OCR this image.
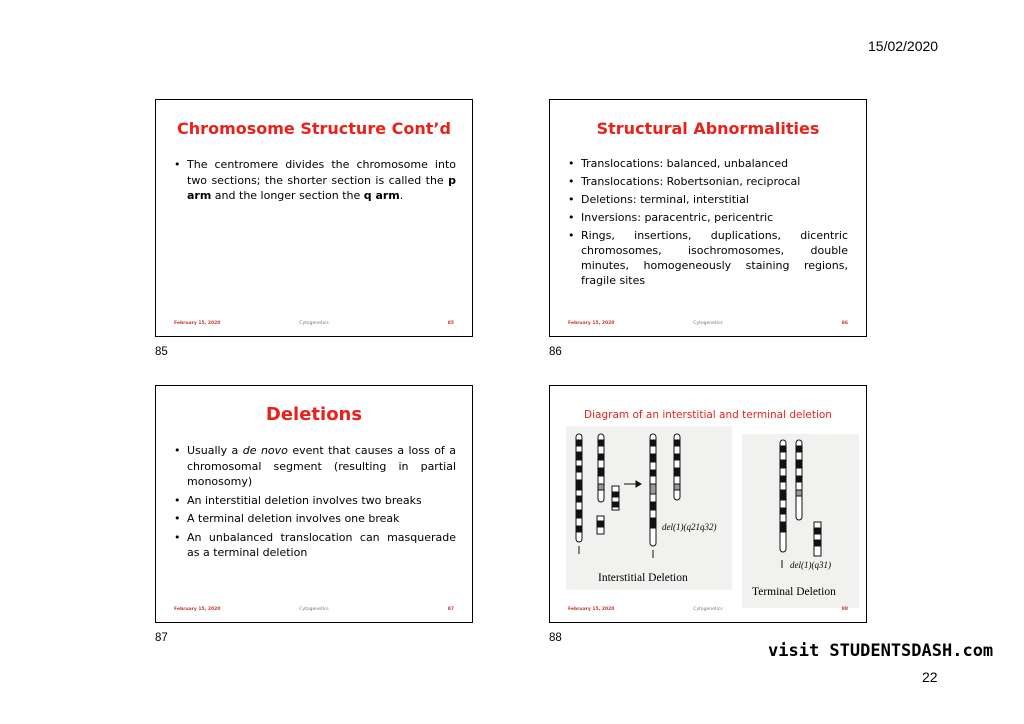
15/02/2020
Chromosome Structure Cont’d
• The centromere divides the chromosome into two sections; the shorter section is called the p arm and the longer section the q arm.
February 15, 2020	Cytogenetics	85
85
Structural Abnormalities
• Translocations: balanced, unbalanced
• Translocations: Robertsonian, reciprocal
• Deletions: terminal, interstitial
• Inversions: paracentric, pericentric
• Rings, insertions, duplications, dicentric chromosomes, isochromosomes, double minutes, homogeneously staining regions, fragile sites
February 15, 2020	Cytogenetics	86
86
Deletions
• Usually a de novo event that causes a loss of a chromosomal segment (resulting in partial monosomy)
• An interstitial deletion involves two breaks
• A terminal deletion involves one break
• An unbalanced translocation can masquerade as a terminal deletion
February 15, 2020	Cytogenetics	87
87
Diagram of an interstitial and terminal deletion
del(1)(q21q32)
Interstitial Deletion
del(1)(q31)
Terminal Deletion
February 15, 2020	Cytogenetics	88
88
visit STUDENTSDASH.com
22
